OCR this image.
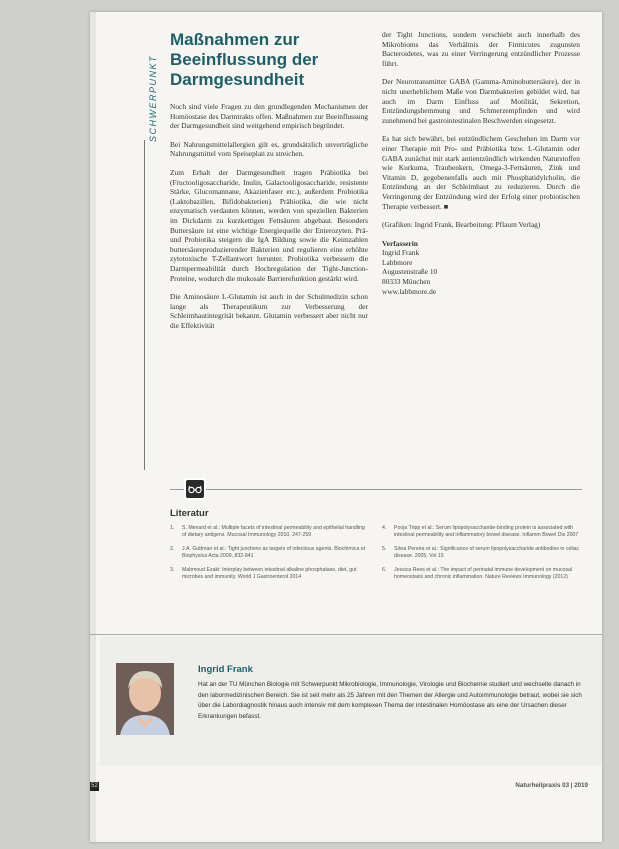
SCHWERPUNKT
Maßnahmen zur Beeinflussung der Darmgesundheit

Noch sind viele Fragen zu den grundlegenden Mechanismen der Homöostase des Darmtrakts offen. Maßnahmen zur Beeinflussung der Darmgesundheit sind weitgehend empirisch begründet.

Bei Nahrungsmittelallergien gilt es, grundsätzlich unverträgliche Nahrungsmittel vom Speiseplan zu streichen.

Zum Erhalt der Darmgesundheit tragen Präbiotika bei (Fructooligosaccharide, Inulin, Galactooligosaccharide, resistente Stärke, Glucomannane, Akazienfaser etc.), außerdem Probiotika (Laktobazillen, Bifidobakterien). Präbiotika, die wie nicht enzymatisch verdauten können, werden von speziellen Bakterien im Dickdarm zu kurzkettigen Fettsäuren abgebaut. Besonders Buttersäure ist eine wichtige Energiequelle der Enterozyten. Prä- und Probiotika steigern die IgA Bildung sowie die Keimzahlen buttersäureproduzierender Bakterien und regulieren eine erhöhte zytotoxische T-Zellantwort herunter. Probiotika verbessern die Darmpermeabilität durch Hochregulation der Tight-Junction-Proteine, wodurch die mukosale Barrierefunktion gestärkt wird.

Die Aminosäure L-Glutamin ist auch in der Schulmedizin schon lange als Therapeutikum zur Verbesserung der Schleimhautintegrität bekannt. Glutamin verbessert aber nicht nur die Effektivität

der Tight Junctions, sondern verschiebt auch innerhalb des Mikrobioms das Verhältnis der Firmicutes zugunsten Bacteroidetes, was zu einer Verringerung entzündlicher Prozesse führt.

Der Neurotransmitter GABA (Gamma-Aminobuttersäure), der in nicht unerheblichem Maße von Darmbakterien gebildet wird, hat auch im Darm Einfluss auf Motilität, Sekretion, Entzündungshemmung und Schmerzempfinden und wird zunehmend bei gastrointestinalen Beschwerden eingesetzt.

Es hat sich bewährt, bei entzündlichem Geschehen im Darm vor einer Therapie mit Pro- und Präbiotika bzw. L-Glutamin oder GABA zunächst mit stark antientzündlich wirkenden Naturstoffen wie Kurkuma, Traubenkern, Omega-3-Fettsäuren, Zink und Vitamin D, gegebenenfalls auch mit Phosphatidylcholin, die Entzündung an der Schleimhaut zu reduzieren. Durch die Verringerung der Entzündung wird der Erfolg einer probiotischen Therapie verbessert. ■

(Grafiken: Ingrid Frank, Bearbeitung: Pflaum Verlag)

Verfasserin
Ingrid Frank
Labbmore
Augustenstraße 10
80333 München
www.labbmore.de
Literatur
1.	S. Menard et al.: Multiple facets of intestinal permeability and epithelial handling of dietary antigens. Mucosal Immunology 2010, 247-259
2.	J.A. Guttman et al.: Tight junctions as targets of infectious agents. Biochimica et Biophysica Acta 2009, 832-841
3.	Mahmoud Ezaki: Interplay between intestinal alkaline phosphatase, diet, gut microbes and immunity. World J Gastroenterol 2014
4.	Pooja Tripp et al.: Serum lipopolysaccharide-binding protein is associated with intestinal permeability and inflammatory bowel disease. Inflamm Bowel Dis 2007
5.	Silvia Pereira et al.: Significance of serum lipopolysaccharide antibodies in celiac disease. 2005, Vol 15
6.	Jessica Rees et al.: The impact of perinatal immune development on mucosal homeostasis and chronic inflammation. Nature Reviews Immunology (2012)
Ingrid Frank
Hat an der TU München Biologie mit Schwerpunkt Mikrobiologie, Immunologie, Virologie und Biochemie studiert und wechselte danach in den labormedizinischen Bereich. Sie ist seit mehr als 25 Jahren mit den Themen der Allergie und Autoimmunologie betraut, wobei sie sich über die Labordiagnostik hinaus auch intensiv mit dem komplexen Thema der intestinalen Homöostase als eine der Ursachen dieser Erkrankungen befasst.
52	Naturheilpraxis 03 | 2019
